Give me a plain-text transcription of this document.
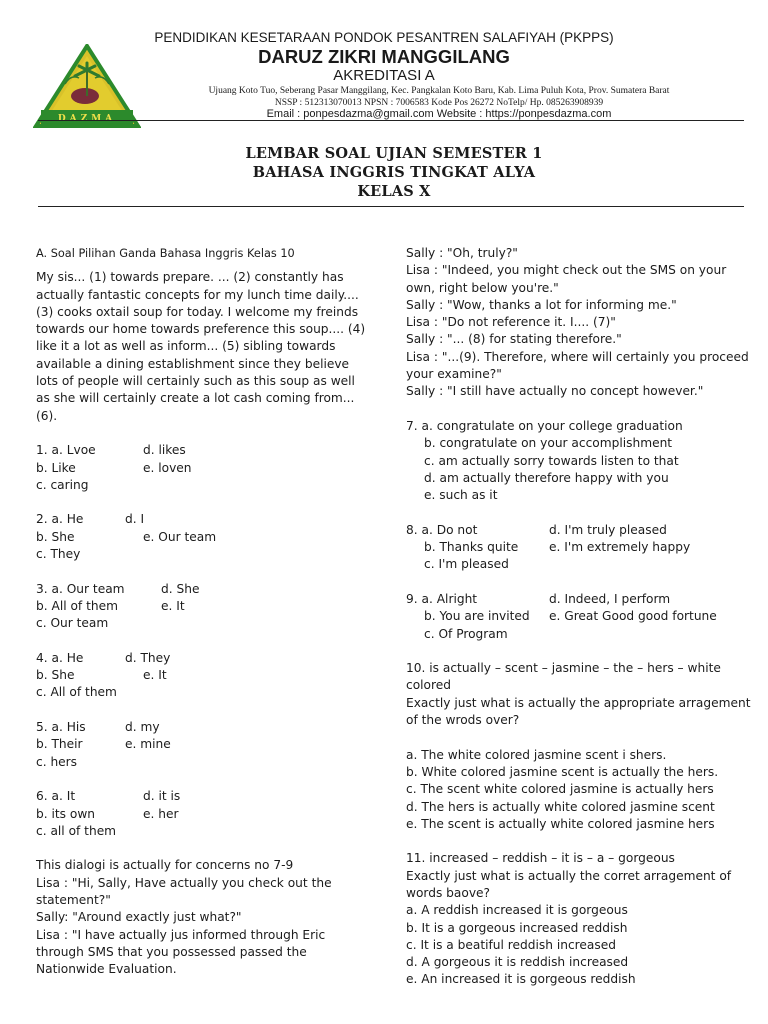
DAZMA
PENDIDIKAN KESETARAAN PONDOK PESANTREN SALAFIYAH (PKPPS)
DARUZ ZIKRI MANGGILANG
AKREDITASI A
Ujuang Koto Tuo, Seberang Pasar Manggilang, Kec. Pangkalan Koto Baru, Kab. Lima Puluh Kota, Prov. Sumatera Barat
NSSP : 512313070013 NPSN : 7006583 Kode Pos 26272 NoTelp/ Hp. 085263908939
Email : ponpesdazma@gmail.com Website : https://ponpesdazma.com
LEMBAR SOAL UJIAN SEMESTER 1
BAHASA INGGRIS TINGKAT ALYA
KELAS X
A. Soal Pilihan Ganda Bahasa Inggris Kelas 10

My sis... (1) towards prepare. ... (2) constantly has actually fantastic concepts for my lunch time daily.... (3) cooks oxtail soup for today. I welcome my freinds towards our home towards preference this soup.... (4) like it a lot as well as inform... (5) sibling towards available a dining establishment since they believe lots of people will certainly such as this soup as well as she will certainly create a lot cash coming from... (6).

1. a. Lvoe	d. likes
b. Like	e. loven
c. caring
2. a. He	d. I
b. She	e. Our team
c. They
3. a. Our team	d. She
b. All of them	e. It
c. Our team
4. a. He	d. They
b. She	e. It
c. All of them
5. a. His	d. my
b. Their	e. mine
c. hers
6. a. It	d. it is
b. its own	e. her
c. all of them

This dialogi is actually for concerns no 7-9

Lisa : "Hi, Sally, Have actually you check out the statement?"

Sally: "Around exactly just what?"

Lisa : "I have actually jus informed through Eric through SMS that you possessed passed the Nationwide Evaluation.

Sally : "Oh, truly?"

Lisa : "Indeed, you might check out the SMS on your own, right below you're."

Sally : "Wow, thanks a lot for informing me."

Lisa : "Do not reference it. I.... (7)"

Sally : "... (8) for stating therefore."

Lisa : "...(9). Therefore, where will certainly you proceed your examine?"

Sally : "I still have actually no concept however."

7. a. congratulate on your college graduation
b. congratulate on your accomplishment
c. am actually sorry towards listen to that
d. am actually therefore happy with you
e. such as it
8. a. Do not	d. I'm truly pleased
b. Thanks quite	e. I'm extremely happy
c. I'm pleased
9. a. Alright	d. Indeed, I perform
b. You are invited e. Great Good good fortune
c. Of Program

10. is actually – scent – jasmine – the – hers – white colored

Exactly just what is actually the appropriate arragement of the wrods over?

a. The white colored jasmine scent i shers.
b. White colored jasmine scent is actually the hers.
c. The scent white colored jasmine is actually hers
d. The hers is actually white colored jasmine scent
e. The scent is actually white colored jasmine hers

11. increased – reddish – it is – a – gorgeous

Exactly just what is actually the corret arragement of words baove?

a. A reddish increased it is gorgeous
b. It is a gorgeous increased reddish
c. It is a beatiful reddish increased
d. A gorgeous it is reddish increased
e. An increased it is gorgeous reddish
